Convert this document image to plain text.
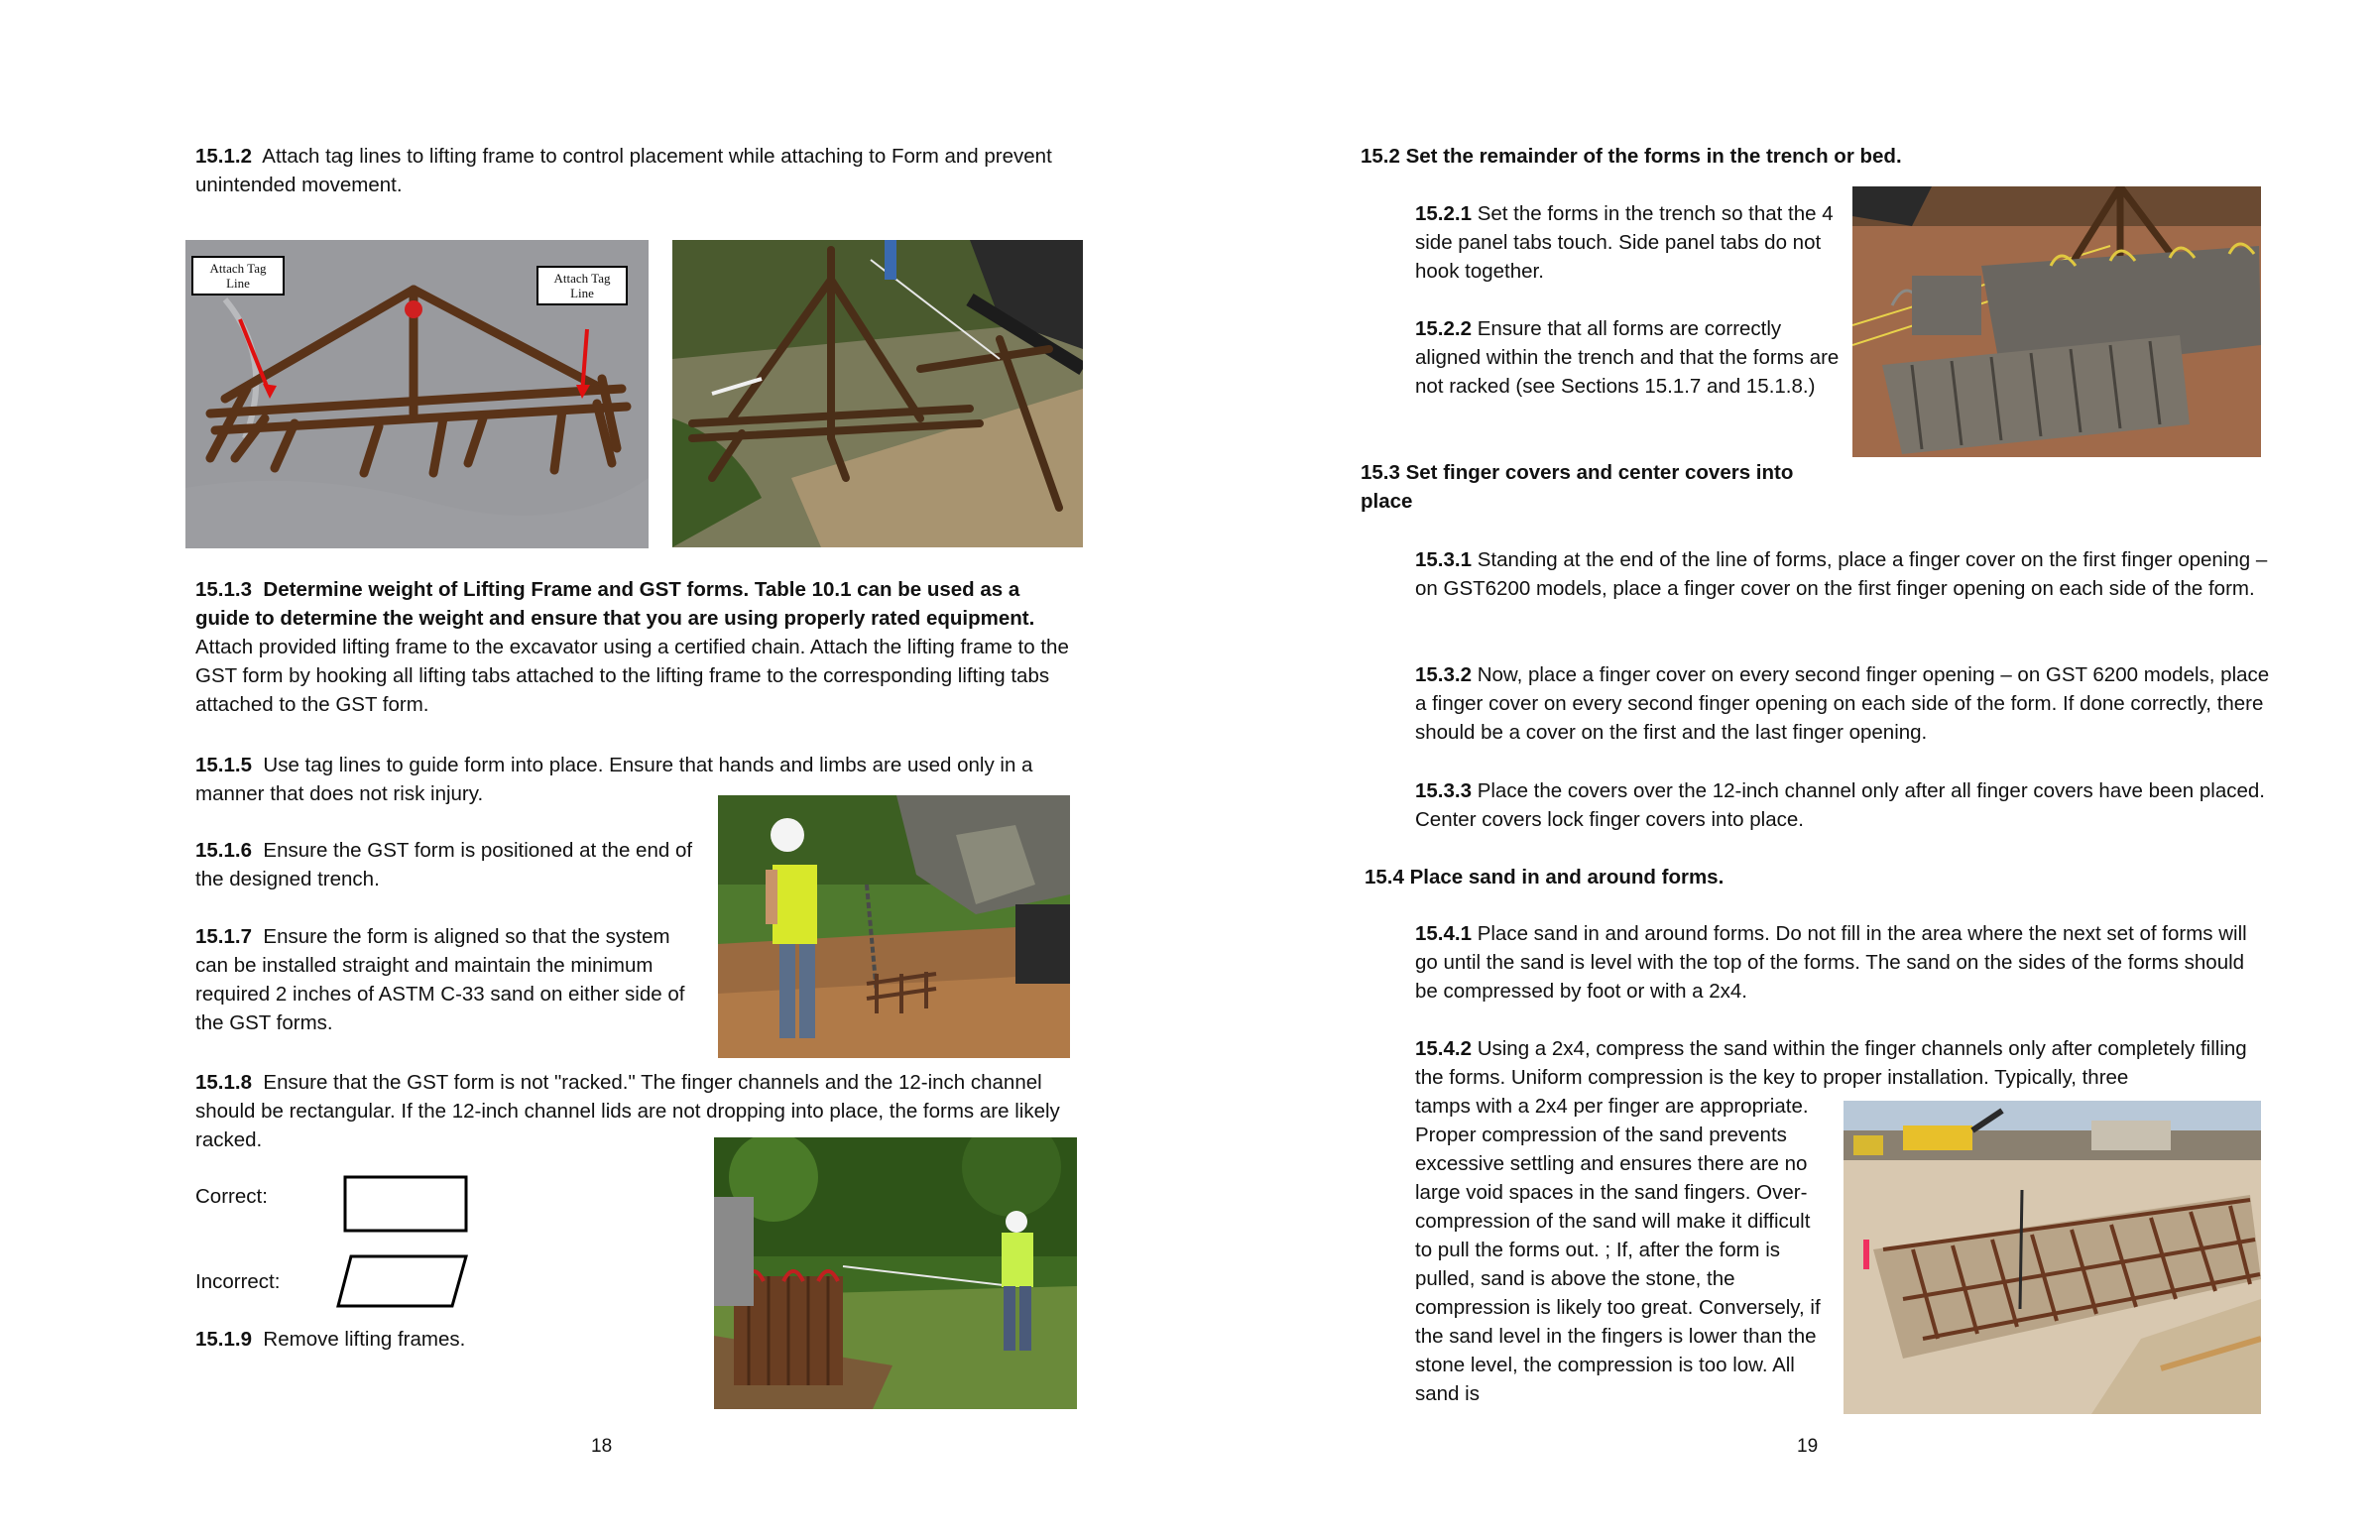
15.1.2 Attach tag lines to lifting frame to control placement while attaching to Form and prevent unintended movement.
Attach Tag Line	Attach Tag Line
15.1.3 Determine weight of Lifting Frame and GST forms. Table 10.1 can be used as a guide to determine the weight and ensure that you are using properly rated equipment. Attach provided lifting frame to the excavator using a certified chain. Attach the lifting frame to the GST form by hooking all lifting tabs attached to the lifting frame to the corresponding lifting tabs attached to the GST form.
15.1.5 Use tag lines to guide form into place. Ensure that hands and limbs are used only in a manner that does not risk injury.
15.1.6 Ensure the GST form is positioned at the end of the designed trench.
15.1.7 Ensure the form is aligned so that the system can be installed straight and maintain the minimum required 2 inches of ASTM C-33 sand on either side of the GST forms.
15.1.8 Ensure that the GST form is not "racked." The finger channels and the 12-inch channel should be rectangular. If the 12-inch channel lids are not dropping into place, the forms are likely racked.
Correct:
Incorrect:
15.1.9 Remove lifting frames.
18
15.2 Set the remainder of the forms in the trench or bed.
15.2.1 Set the forms in the trench so that the 4 side panel tabs touch. Side panel tabs do not hook together.
15.2.2 Ensure that all forms are correctly aligned within the trench and that the forms are not racked (see Sections 15.1.7 and 15.1.8.)
15.3 Set finger covers and center covers into place
15.3.1 Standing at the end of the line of forms, place a finger cover on the first finger opening – on GST6200 models, place a finger cover on the first finger opening on each side of the form.
15.3.2 Now, place a finger cover on every second finger opening – on GST 6200 models, place a finger cover on every second finger opening on each side of the form. If done correctly, there should be a cover on the first and the last finger opening.
15.3.3 Place the covers over the 12-inch channel only after all finger covers have been placed. Center covers lock finger covers into place.
15.4 Place sand in and around forms.
15.4.1 Place sand in and around forms. Do not fill in the area where the next set of forms will go until the sand is level with the top of the forms. The sand on the sides of the forms should be compressed by foot or with a 2x4.
15.4.2 Using a 2x4, compress the sand within the finger channels only after completely filling the forms. Uniform compression is the key to proper installation. Typically, three
tamps with a 2x4 per finger are appropriate. Proper compression of the sand prevents excessive settling and ensures there are no large void spaces in the sand fingers. Over-compression of the sand will make it difficult to pull the forms out. ; If, after the form is pulled, sand is above the stone, the compression is likely too great. Conversely, if the sand level in the fingers is lower than the stone level, the compression is too low. All sand is
19
